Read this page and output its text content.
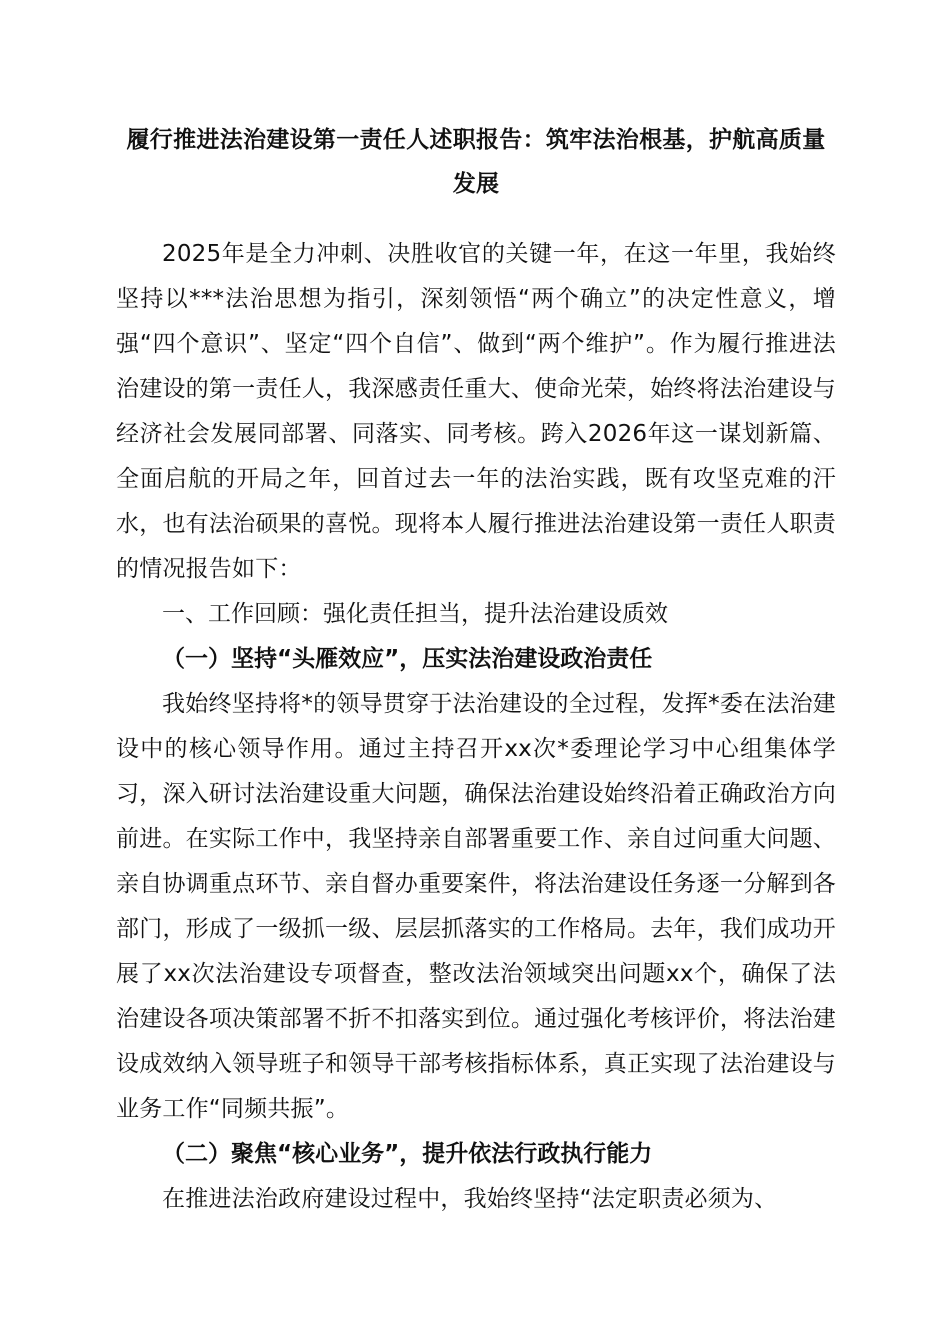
履行推进法治建设第一责任人述职报告：筑牢法治根基，护航高质量发展

2025年是全力冲刺、决胜收官的关键一年，在这一年里，我始终坚持以***法治思想为指引，深刻领悟“两个确立”的决定性意义，增强“四个意识”、坚定“四个自信”、做到“两个维护”。作为履行推进法治建设的第一责任人，我深感责任重大、使命光荣，始终将法治建设与经济社会发展同部署、同落实、同考核。跨入2026年这一谋划新篇、全面启航的开局之年，回首过去一年的法治实践，既有攻坚克难的汗水，也有法治硕果的喜悦。现将本人履行推进法治建设第一责任人职责的情况报告如下：

一、工作回顾：强化责任担当，提升法治建设质效

（一）坚持“头雁效应”，压实法治建设政治责任

我始终坚持将*的领导贯穿于法治建设的全过程，发挥*委在法治建设中的核心领导作用。通过主持召开xx次*委理论学习中心组集体学习，深入研讨法治建设重大问题，确保法治建设始终沿着正确政治方向前进。在实际工作中，我坚持亲自部署重要工作、亲自过问重大问题、亲自协调重点环节、亲自督办重要案件，将法治建设任务逐一分解到各部门，形成了一级抓一级、层层抓落实的工作格局。去年，我们成功开展了xx次法治建设专项督查，整改法治领域突出问题xx个，确保了法治建设各项决策部署不折不扣落实到位。通过强化考核评价，将法治建设成效纳入领导班子和领导干部考核指标体系，真正实现了法治建设与业务工作“同频共振”。

（二）聚焦“核心业务”，提升依法行政执行能力

在推进法治政府建设过程中，我始终坚持“法定职责必须为、
